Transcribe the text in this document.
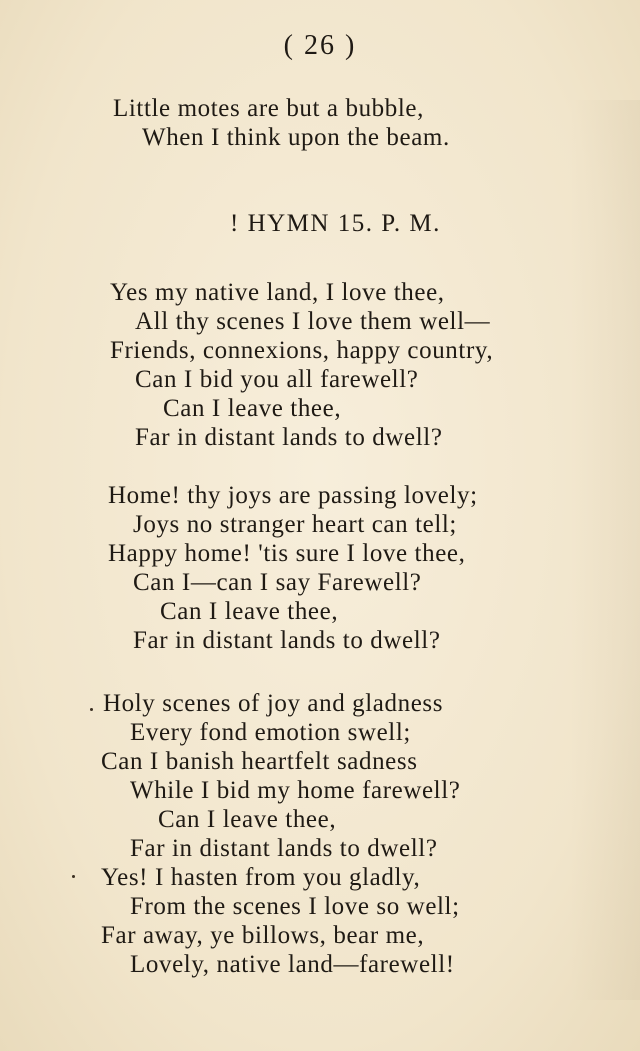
( 26 )
Little motes are but a bubble,
When I think upon the beam.
! HYMN 15. P. M.
Yes my native land, I love thee,
All thy scenes I love them well—
Friends, connexions, happy country,
Can I bid you all farewell?
Can I leave thee,
Far in distant lands to dwell?
Home! thy joys are passing lovely;
Joys no stranger heart can tell;
Happy home! 'tis sure I love thee,
Can I—can I say Farewell?
Can I leave thee,
Far in distant lands to dwell?
Holy scenes of joy and gladness
Every fond emotion swell;
Can I banish heartfelt sadness
While I bid my home farewell?
Can I leave thee,
Far in distant lands to dwell?
Yes! I hasten from you gladly,
From the scenes I love so well;
Far away, ye billows, bear me,
Lovely, native land—farewell!
